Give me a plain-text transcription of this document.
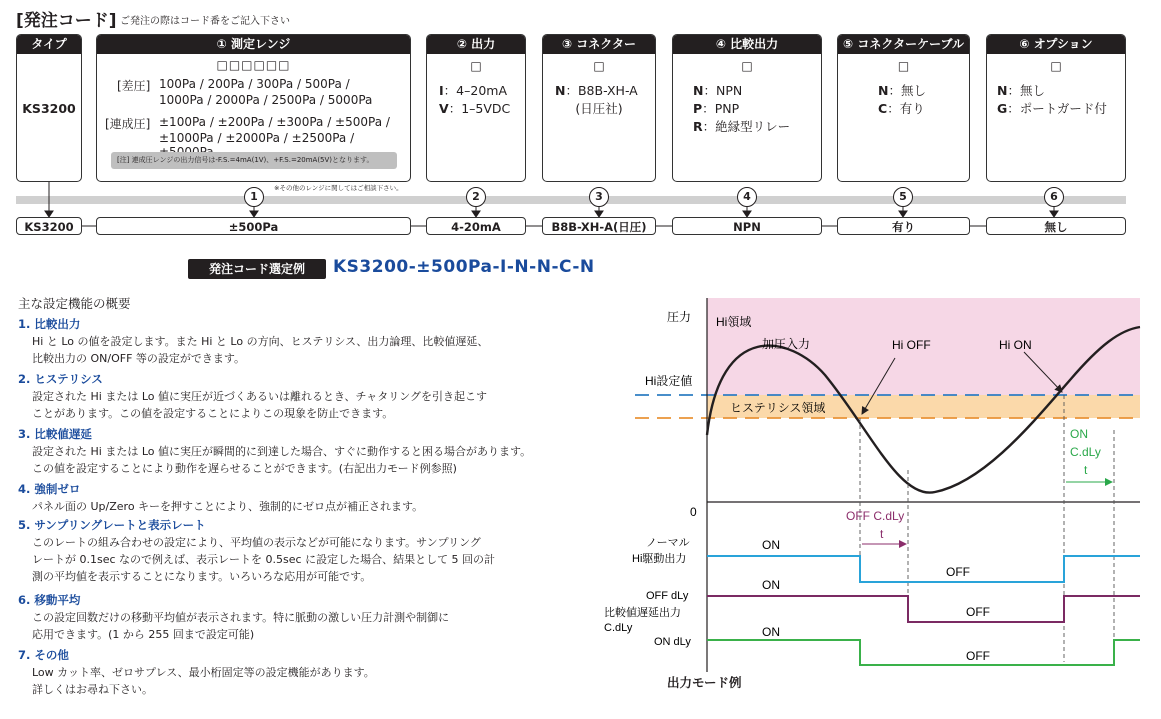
[発注コード] ご発注の際はコード番をご記入下さい
タイプ
KS3200
① 測定レンジ
□□□□□□
[差圧] 100Pa / 200Pa / 300Pa / 500Pa /
1000Pa / 2000Pa / 2500Pa / 5000Pa
[連成圧] ±100Pa / ±200Pa / ±300Pa / ±500Pa /
±1000Pa / ±2000Pa / ±2500Pa /
[注] 連成圧レンジの出力信号は-F.S.=4mA(1V)、+F.S.=20mA(5V)となります。
※その他のレンジに関してはご相談下さい。
② 出力
□
I：4–20mA
V：1–5VDC
③ コネクター
□
N：B8B-XH-A
(日圧社)
④ 比較出力
□
N：NPN
P：PNP
R：絶縁型リレー
⑤ コネクターケーブル
□
N：無し
C：有り
⑥ オプション
□
N：無し
G：ポートガード付
1	2	3	4	5	6
KS3200	±500Pa	4-20mA	B8B-XH-A(日圧)	NPN	有り	無し
発注コード選定例	KS3200-±500Pa-I-N-N-C-N
主な設定機能の概要
1. 比較出力

Hi と Lo の値を設定します。また Hi と Lo の方向、ヒステリシス、出力論理、比較値遅延、
比較出力の ON/OFF 等の設定ができます。

2. ヒステリシス

設定された Hi または Lo 値に実圧が近づくあるいは離れるとき、チャタリングを引き起こす
ことがあります。この値を設定することによりこの現象を防止できます。

3. 比較値遅延

設定された Hi または Lo 値に実圧が瞬間的に到達した場合、すぐに動作すると困る場合があります。
この値を設定することにより動作を遅らせることができます。(右記出力モード例参照)

4. 強制ゼロ

パネル面の Up/Zero キーを押すことにより、強制的にゼロ点が補正されます。

5. サンプリングレートと表示レート

このレートの組み合わせの設定により、平均値の表示などが可能になります。サンプリング
レートが 0.1sec なので例えば、表示レートを 0.5sec に設定した場合、結果として 5 回の計
測の平均値を表示することになります。いろいろな応用が可能です。

6. 移動平均

この設定回数だけの移動平均値が表示されます。特に脈動の激しい圧力計測や制御に
応用できます。(1 から 255 回まで設定可能)

7. その他

Low カット率、ゼロサプレス、最小桁固定等の設定機能があります。
詳しくはお尋ね下さい。

圧力 Hi領域
加圧入力	Hi OFF	Hi ON
Hi設定値
ヒステリシス領域
0
ON
C.dLy
t
OFF C.dLy
t
ノーマル
Hi駆動出力
OFF dLy
比較値遅延出力
C.dLy
ON dLy
ON
OFF
ON
OFF
ON
OFF
出力モード例
